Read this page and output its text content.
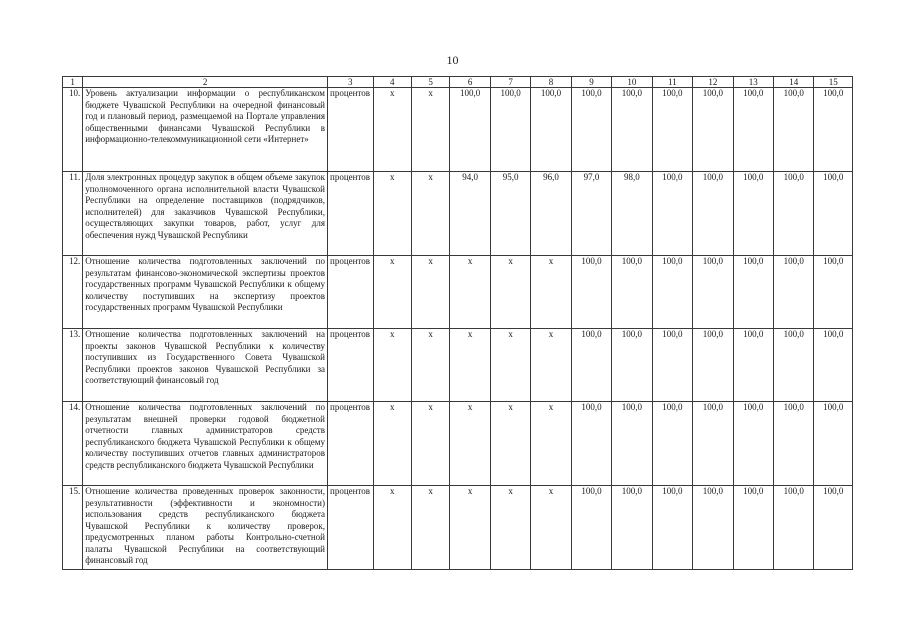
10
1	2	3	4	5	6	7	8	9	10	11	12	13	14	15
10.	Уровень актуализации информации о республиканском бюджете Чувашской Республики на очередной финансовый год и плановый период, размещаемой на Портале управления общественными финансами Чувашской Республики в информационно-телекоммуникационной сети «Интернет»	процентов	x	x	100,0	100,0	100,0	100,0	100,0	100,0	100,0	100,0	100,0	100,0
11.	Доля электронных процедур закупок в общем объеме закупок уполномоченного органа исполнительной власти Чувашской Республики на определение поставщиков (подрядчиков, исполнителей) для заказчиков Чувашской Республики, осуществляющих закупки товаров, работ, услуг для обеспечения нужд Чувашской Республики	процентов	x	x	94,0	95,0	96,0	97,0	98,0	100,0	100,0	100,0	100,0	100,0
12.	Отношение количества подготовленных заключений по результатам финансово-экономической экспертизы проектов государственных программ Чувашской Республики к общему количеству поступивших на экспертизу проектов государственных программ Чувашской Республики	процентов	x	x	x	x	x	100,0	100,0	100,0	100,0	100,0	100,0	100,0
13.	Отношение количества подготовленных заключений на проекты законов Чувашской Республики к количеству поступивших из Государственного Совета Чувашской Республики проектов законов Чувашской Республики за соответствующий финансовый год	процентов	x	x	x	x	x	100,0	100,0	100,0	100,0	100,0	100,0	100,0
14.	Отношение количества подготовленных заключений по результатам внешней проверки годовой бюджетной отчетности главных администраторов средств республиканского бюджета Чувашской Республики к общему количеству поступивших отчетов главных администраторов средств республиканского бюджета Чувашской Республики	процентов	x	x	x	x	x	100,0	100,0	100,0	100,0	100,0	100,0	100,0
15.	Отношение количества проведенных проверок законности, результативности (эффективности и экономности) использования средств республиканского бюджета Чувашской Республики к количеству проверок, предусмотренных планом работы Контрольно-счетной палаты Чувашской Республики на соответствующий финансовый год	процентов	x	x	x	x	x	100,0	100,0	100,0	100,0	100,0	100,0	100,0
